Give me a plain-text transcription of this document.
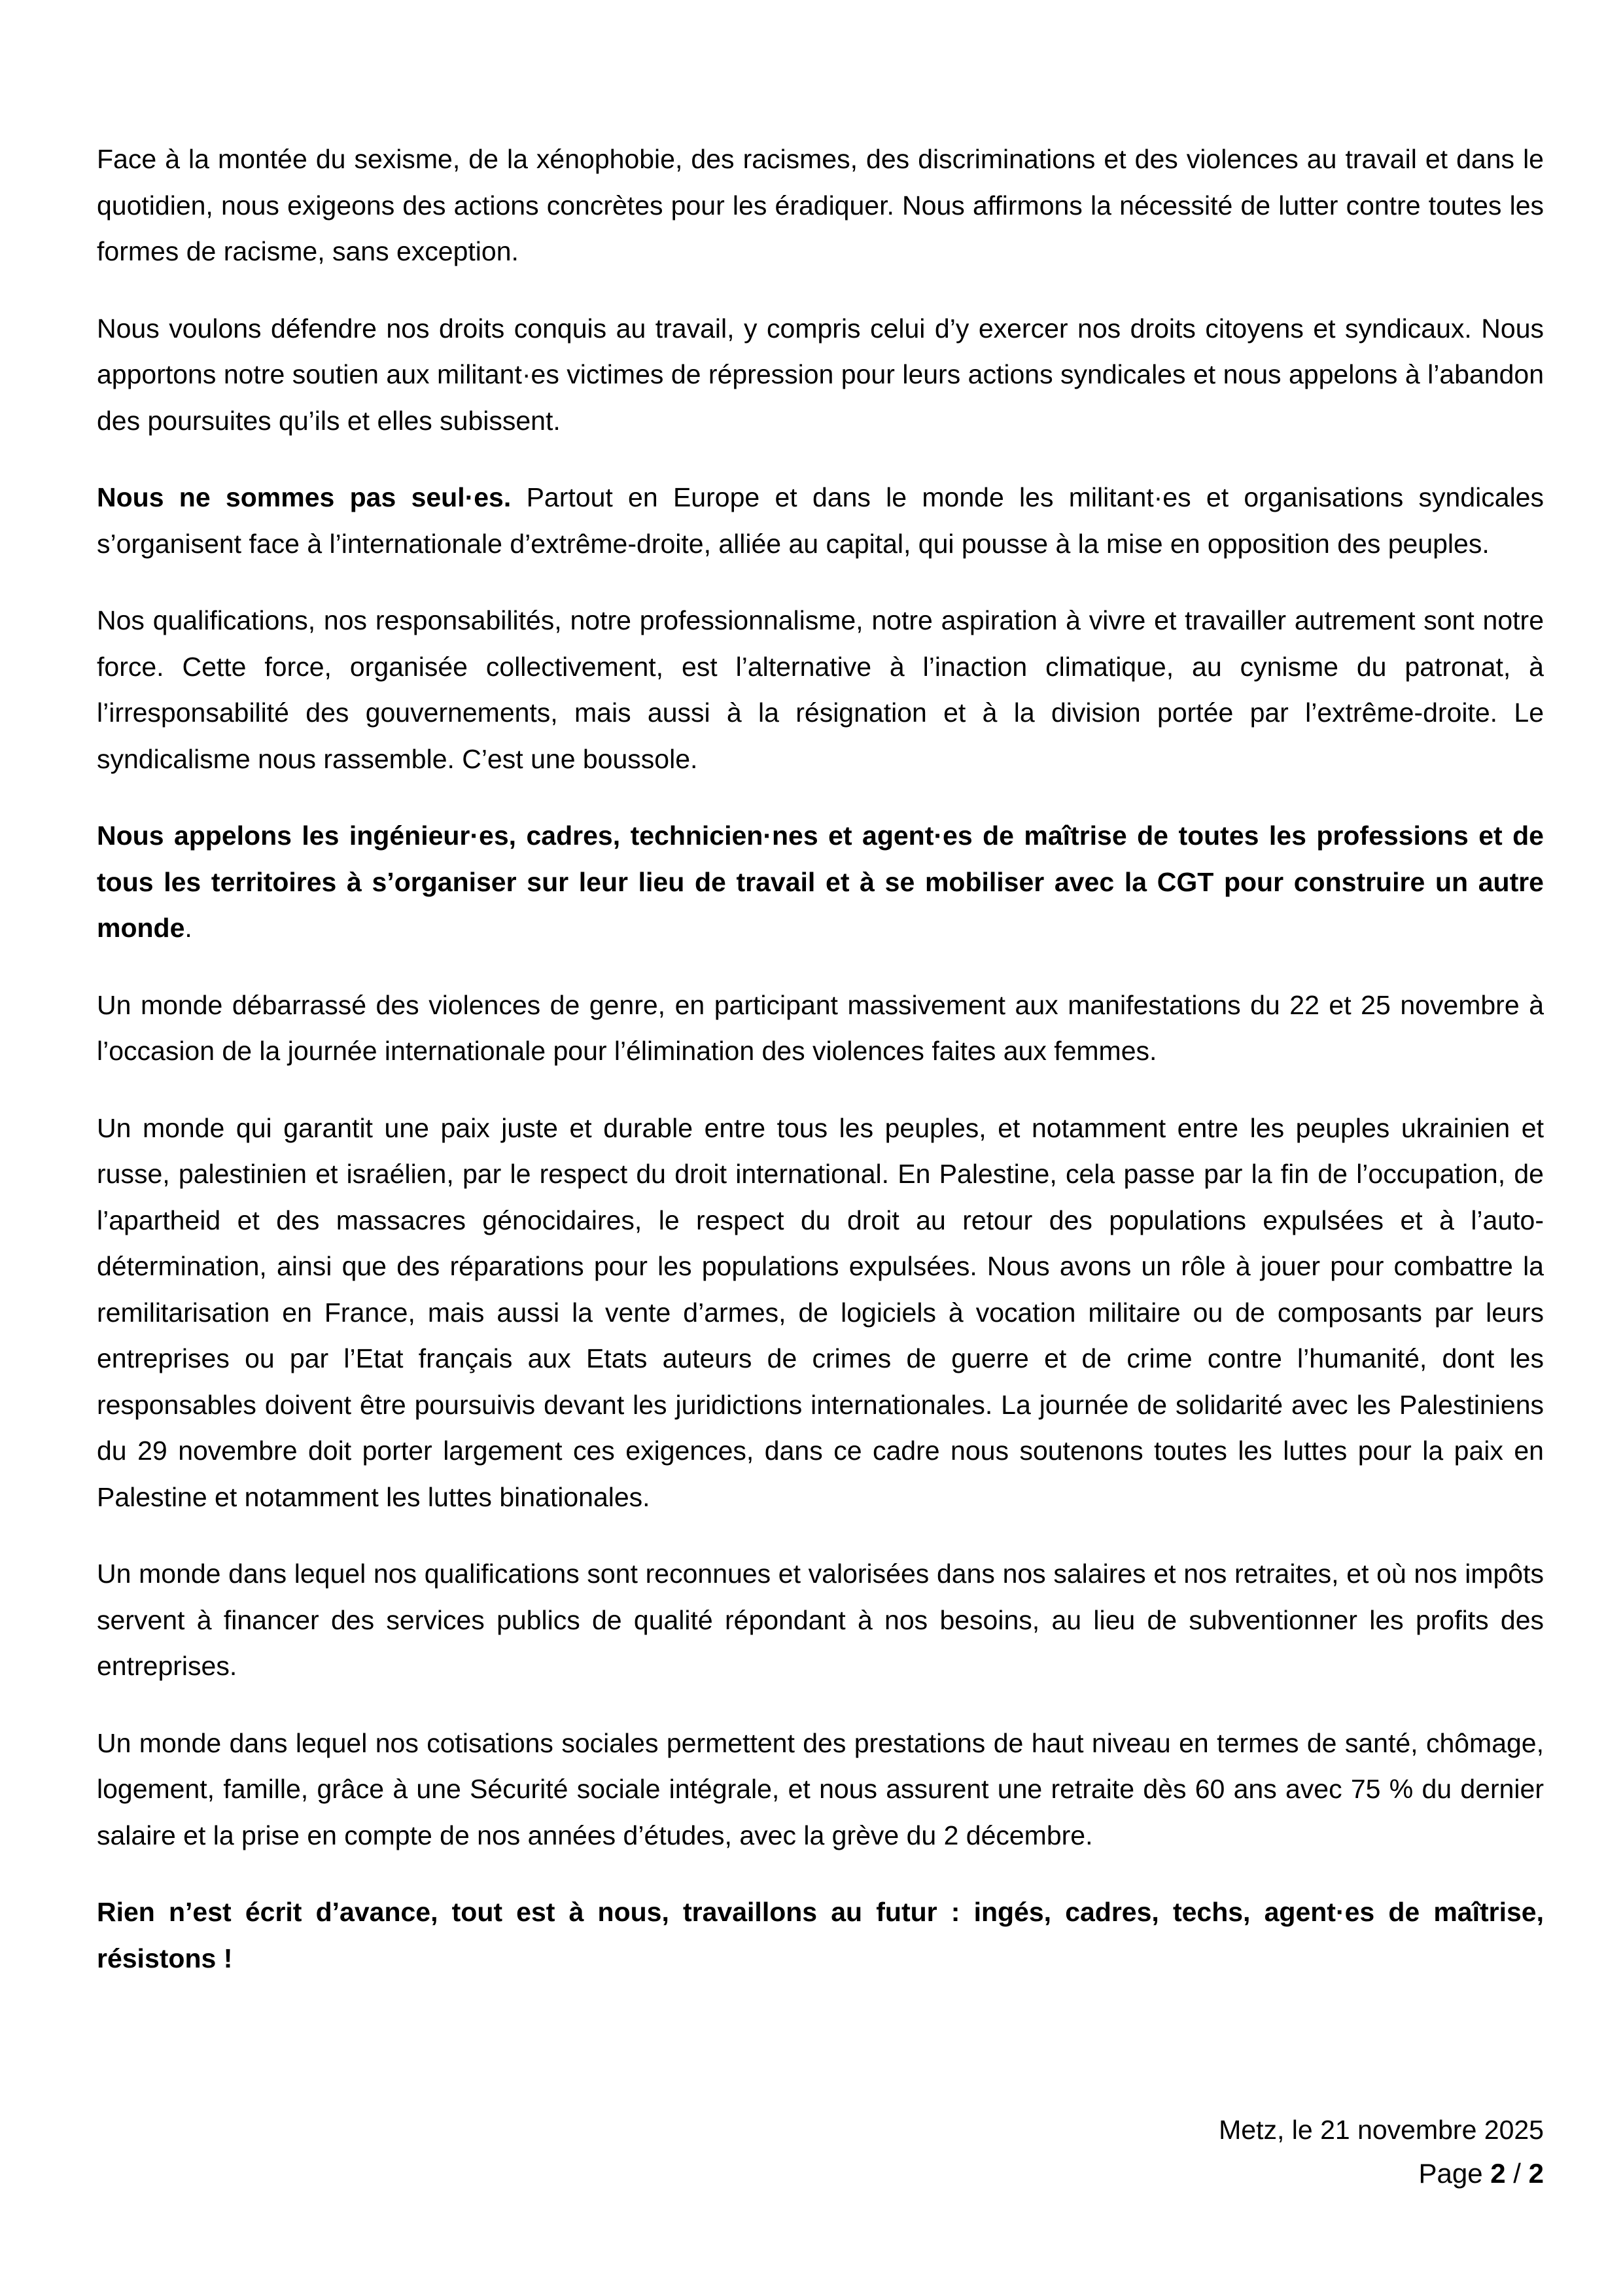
Face à la montée du sexisme, de la xénophobie, des racismes, des discriminations et des violences au travail et dans le quotidien, nous exigeons des actions concrètes pour les éradiquer. Nous affirmons la nécessité de lutter contre toutes les formes de racisme, sans exception.

Nous voulons défendre nos droits conquis au travail, y compris celui d’y exercer nos droits citoyens et syndicaux. Nous apportons notre soutien aux militant·es victimes de répression pour leurs actions syndicales et nous appelons à l’abandon des poursuites qu’ils et elles subissent.

Nous ne sommes pas seul·es. Partout en Europe et dans le monde les militant·es et organisations syndicales s’organisent face à l’internationale d’extrême-droite, alliée au capital, qui pousse à la mise en opposition des peuples.

Nos qualifications, nos responsabilités, notre professionnalisme, notre aspiration à vivre et travailler autrement sont notre force. Cette force, organisée collectivement, est l’alternative à l’inaction climatique, au cynisme du patronat, à l’irresponsabilité des gouvernements, mais aussi à la résignation et à la division portée par l’extrême-droite. Le syndicalisme nous rassemble. C’est une boussole.

Nous appelons les ingénieur·es, cadres, technicien·nes et agent·es de maîtrise de toutes les professions et de tous les territoires à s’organiser sur leur lieu de travail et à se mobiliser avec la CGT pour construire un autre monde.

Un monde débarrassé des violences de genre, en participant massivement aux manifestations du 22 et 25 novembre à l’occasion de la journée internationale pour l’élimination des violences faites aux femmes.

Un monde qui garantit une paix juste et durable entre tous les peuples, et notamment entre les peuples ukrainien et russe, palestinien et israélien, par le respect du droit international. En Palestine, cela passe par la fin de l’occupation, de l’apartheid et des massacres génocidaires, le respect du droit au retour des populations expulsées et à l’auto-détermination, ainsi que des réparations pour les populations expulsées. Nous avons un rôle à jouer pour combattre la remilitarisation en France, mais aussi la vente d’armes, de logiciels à vocation militaire ou de composants par leurs entreprises ou par l’Etat français aux Etats auteurs de crimes de guerre et de crime contre l’humanité, dont les responsables doivent être poursuivis devant les juridictions internationales. La journée de solidarité avec les Palestiniens du 29 novembre doit porter largement ces exigences, dans ce cadre nous soutenons toutes les luttes pour la paix en Palestine et notamment les luttes binationales.

Un monde dans lequel nos qualifications sont reconnues et valorisées dans nos salaires et nos retraites, et où nos impôts servent à financer des services publics de qualité répondant à nos besoins, au lieu de subventionner les profits des entreprises.

Un monde dans lequel nos cotisations sociales permettent des prestations de haut niveau en termes de santé, chômage, logement, famille, grâce à une Sécurité sociale intégrale, et nous assurent une retraite dès 60 ans avec 75 % du dernier salaire et la prise en compte de nos années d’études, avec la grève du 2 décembre.

Rien n’est écrit d’avance, tout est à nous, travaillons au futur : ingés, cadres, techs, agent·es de maîtrise, résistons !

Metz, le 21 novembre 2025
Page 2 / 2
